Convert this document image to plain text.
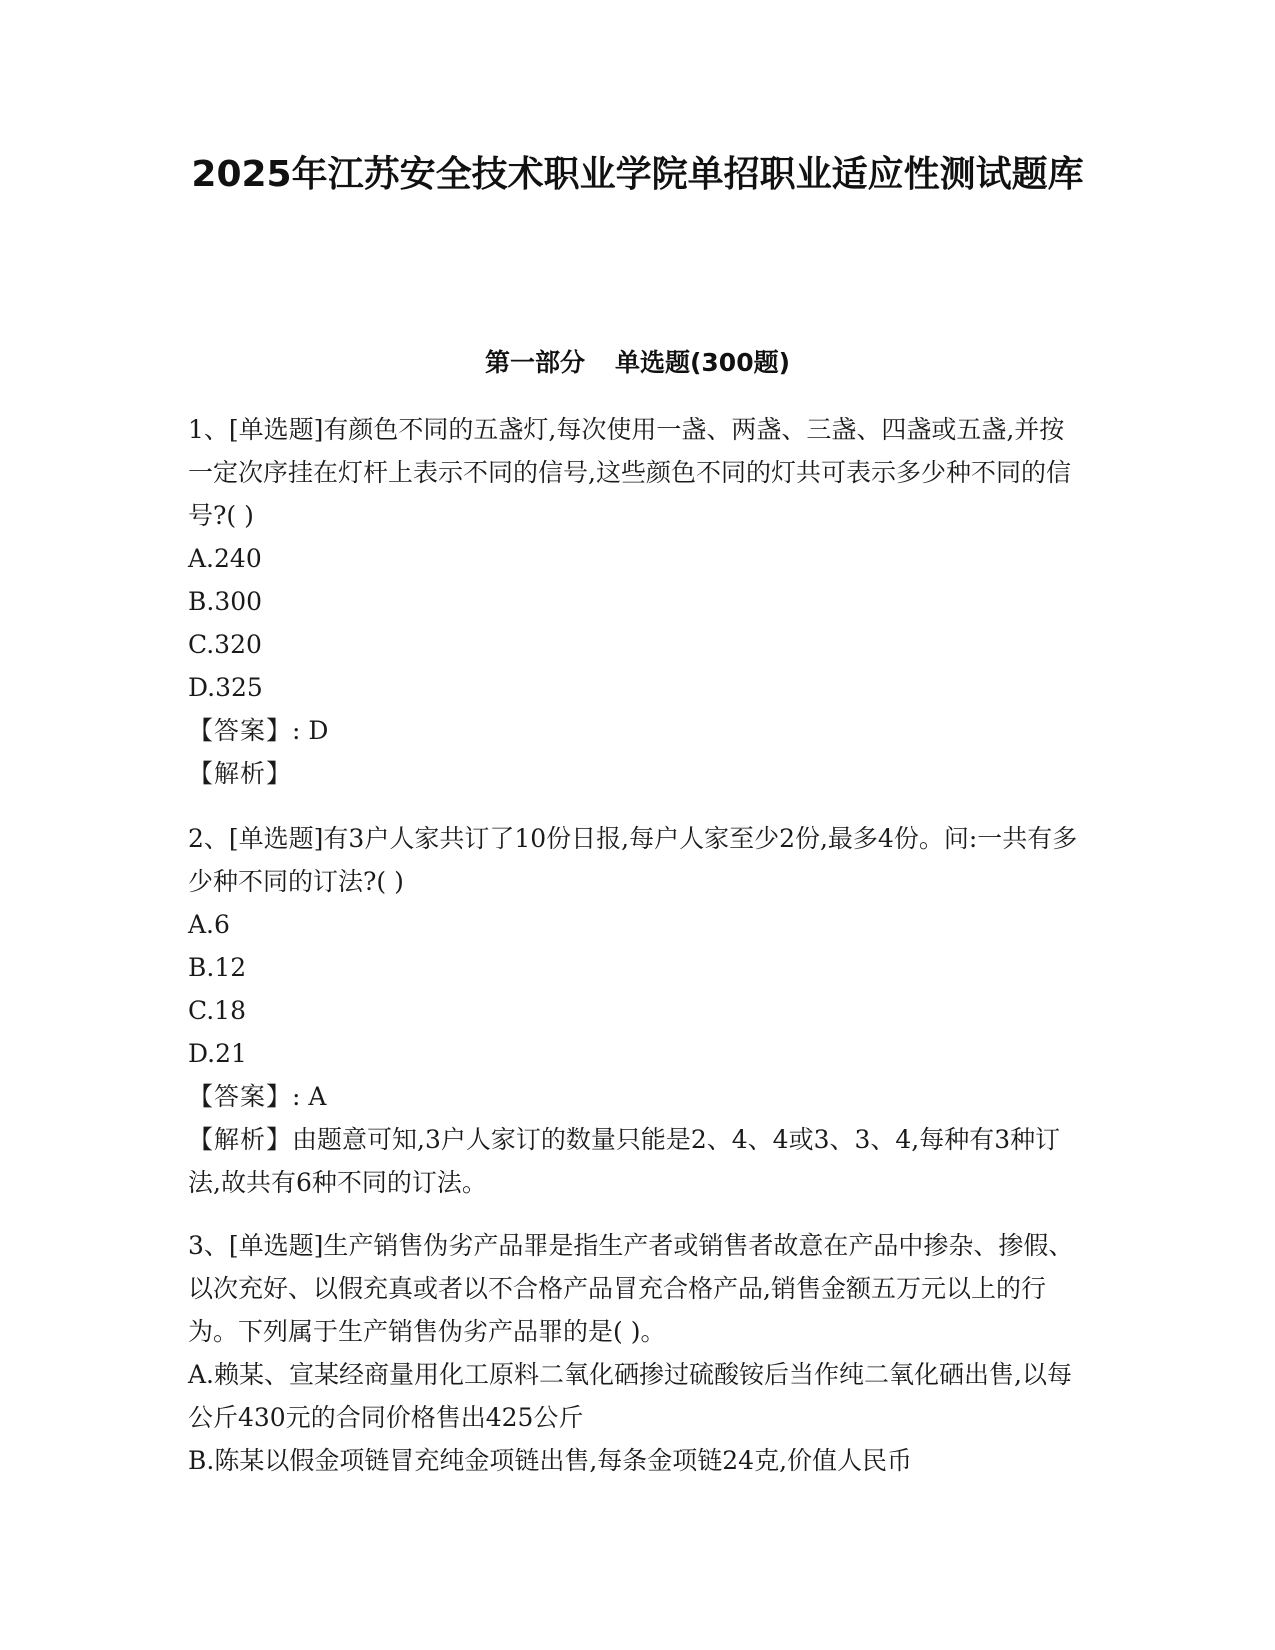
2025年江苏安全技术职业学院单招职业适应性测试题库
第一部分 单选题(300题)

1、[单选题]有颜色不同的五盏灯,每次使用一盏、两盏、三盏、四盏或五盏,并按一定次序挂在灯杆上表示不同的信号,这些颜色不同的灯共可表示多少种不同的信号?( )

A.240

B.300

C.320

D.325

【答案】: D

【解析】

2、[单选题]有3户人家共订了10份日报,每户人家至少2份,最多4份。问:一共有多少种不同的订法?( )

A.6

B.12

C.18

D.21

【答案】: A

【解析】由题意可知,3户人家订的数量只能是2、4、4或3、3、4,每种有3种订法,故共有6种不同的订法。

3、[单选题]生产销售伪劣产品罪是指生产者或销售者故意在产品中掺杂、掺假、以次充好、以假充真或者以不合格产品冒充合格产品,销售金额五万元以上的行为。下列属于生产销售伪劣产品罪的是( )。

A.赖某、宣某经商量用化工原料二氧化硒掺过硫酸铵后当作纯二氧化硒出售,以每公斤430元的合同价格售出425公斤

B.陈某以假金项链冒充纯金项链出售,每条金项链24克,价值人民币
